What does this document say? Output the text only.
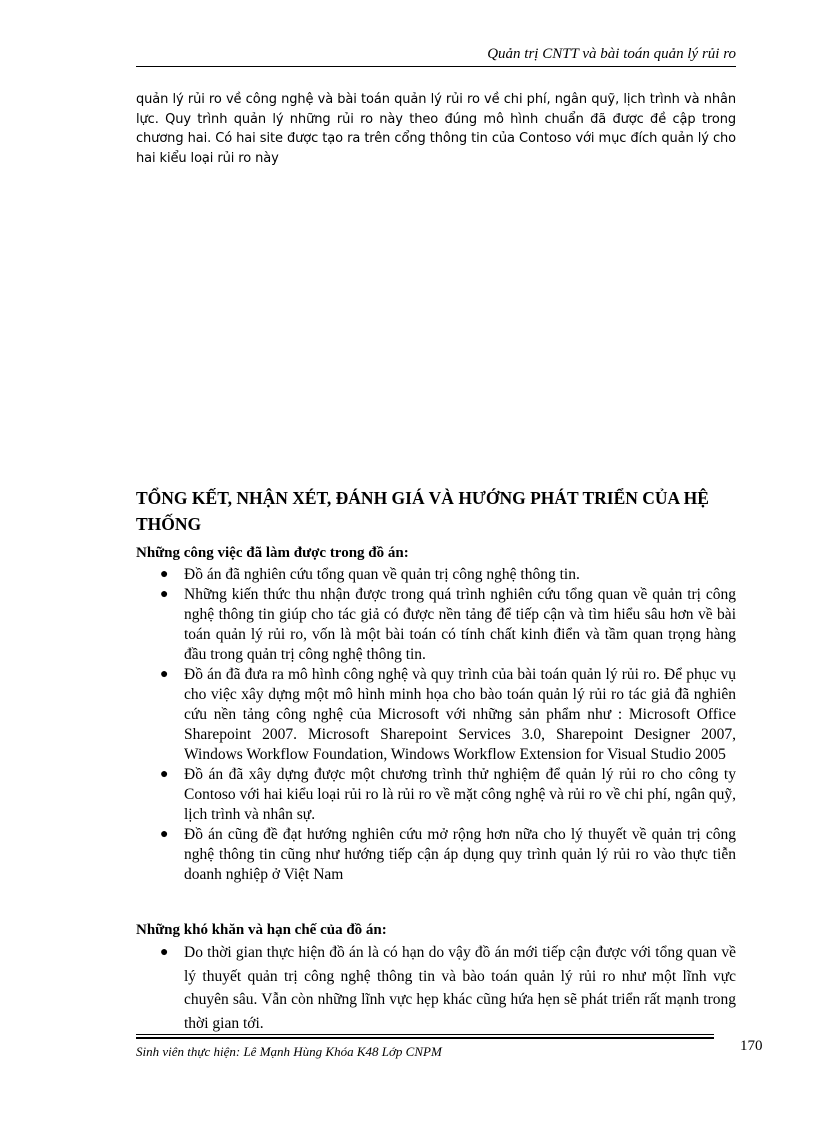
Quản trị CNTT và bài toán quản lý rủi ro

quản lý rủi ro về công nghệ và bài toán quản lý rủi ro về chi phí, ngân quỹ, lịch trình và nhân lực. Quy trình quản lý những rủi ro này theo đúng mô hình chuẩn đã được đề cập trong chương hai. Có hai site được tạo ra trên cổng thông tin của Contoso với mục đích quản lý cho hai kiểu loại rủi ro này

TỔNG KẾT, NHẬN XÉT, ĐÁNH GIÁ VÀ HƯỚNG PHÁT TRIỂN CỦA HỆ THỐNG
Những công việc đã làm được trong đồ án:
● Đồ án đã nghiên cứu tổng quan về quản trị công nghệ thông tin.
● Những kiến thức thu nhận được trong quá trình nghiên cứu tổng quan về quản trị công nghệ thông tin giúp cho tác giả có được nền tảng để tiếp cận và tìm hiểu sâu hơn về bài toán quản lý rủi ro, vốn là một bài toán có tính chất kinh điển và tầm quan trọng hàng đầu trong quản trị công nghệ thông tin.
● Đồ án đã đưa ra mô hình công nghệ và quy trình của bài toán quản lý rủi ro. Để phục vụ cho việc xây dựng một mô hình minh họa cho bào toán quản lý rủi ro tác giả đã nghiên cứu nền tảng công nghệ của Microsoft với những sản phẩm như : Microsoft Office Sharepoint 2007. Microsoft Sharepoint Services 3.0, Sharepoint Designer 2007, Windows Workflow Foundation, Windows Workflow Extension for Visual Studio 2005
● Đồ án đã xây dựng được một chương trình thử nghiệm để quản lý rủi ro cho công ty Contoso với hai kiểu loại rủi ro là rủi ro về mặt công nghệ và rủi ro về chi phí, ngân quỹ, lịch trình và nhân sự.
● Đồ án cũng đề đạt hướng nghiên cứu mở rộng hơn nữa cho lý thuyết về quản trị công nghệ thông tin cũng như hướng tiếp cận áp dụng quy trình quản lý rủi ro vào thực tiễn doanh nghiệp ở Việt Nam
Những khó khăn và hạn chế của đồ án:
● Do thời gian thực hiện đồ án là có hạn do vậy đồ án mới tiếp cận được với tổng quan về lý thuyết quản trị công nghệ thông tin và bào toán quản lý rủi ro như một lĩnh vực chuyên sâu. Vẫn còn những lĩnh vực hẹp khác cũng hứa hẹn sẽ phát triển rất mạnh trong thời gian tới.
Sinh viên thực hiện: Lê Mạnh Hùng Khóa K48 Lớp CNPM	170
